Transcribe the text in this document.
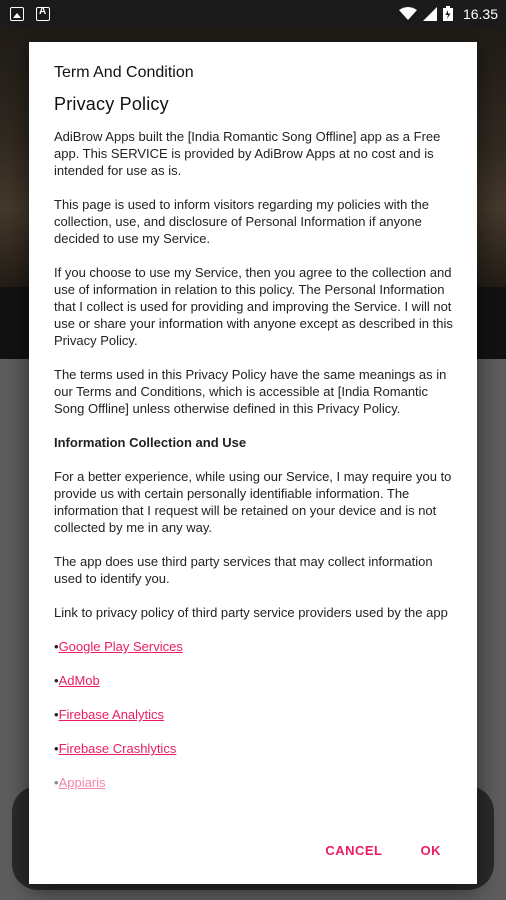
A
16.35
Term And Condition
Privacy Policy

AdiBrow Apps built the [India Romantic Song Offline] app as a Free app. This SERVICE is provided by AdiBrow Apps at no cost and is intended for use as is.

This page is used to inform visitors regarding my policies with the collection, use, and disclosure of Personal Information if anyone decided to use my Service.

If you choose to use my Service, then you agree to the collection and use of information in relation to this policy. The Personal Information that I collect is used for providing and improving the Service. I will not use or share your information with anyone except as described in this Privacy Policy.

The terms used in this Privacy Policy have the same meanings as in our Terms and Conditions, which is accessible at [India Romantic Song Offline] unless otherwise defined in this Privacy Policy.

Information Collection and Use

For a better experience, while using our Service, I may require you to provide us with certain personally identifiable information. The information that I request will be retained on your device and is not collected by me in any way.

The app does use third party services that may collect information used to identify you.

Link to privacy policy of third party service providers used by the app

•Google Play Services
•AdMob
•Firebase Analytics
•Firebase Crashlytics
•Appiaris
CANCEL	OK
